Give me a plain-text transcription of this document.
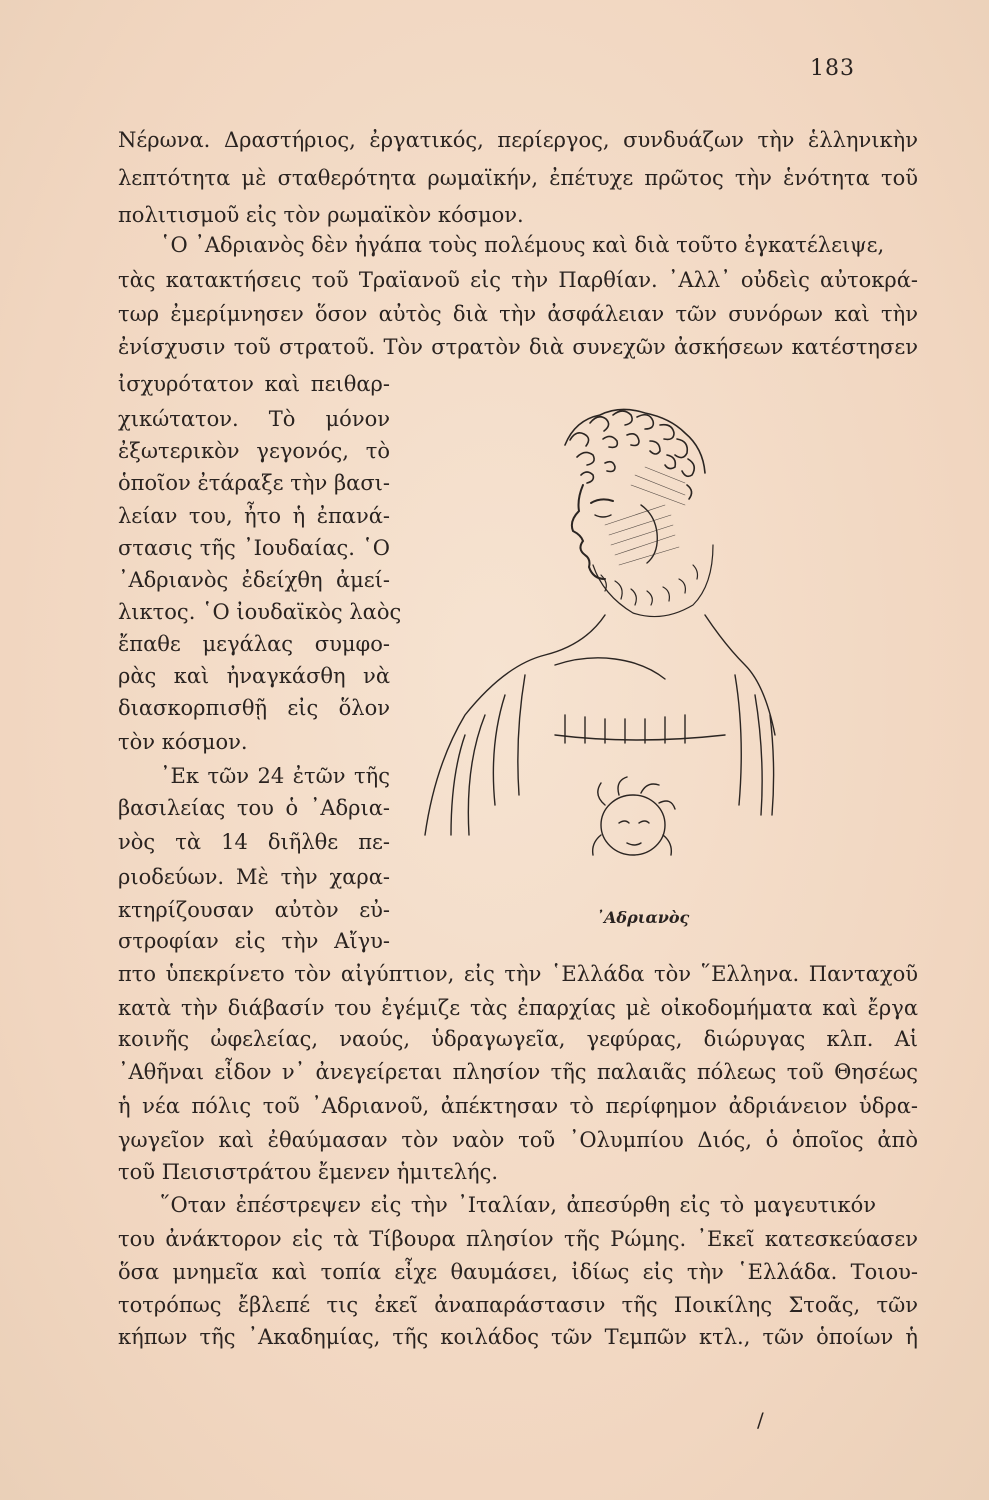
183

Νέρωνα. Δραστήριος, ἐργατικός, περίεργος, συνδυάζων τὴν ἑλληνικὴν

λεπτότητα μὲ σταθερότητα ρωμαϊκήν, ἐπέτυχε πρῶτος τὴν ἑνότητα τοῦ

πολιτισμοῦ εἰς τὸν ρωμαϊκὸν κόσμον.

῾Ο ᾿Αδριανὸς δὲν ἠγάπα τοὺς πολέμους καὶ διὰ τοῦτο ἐγκατέλειψε,

τὰς κατακτήσεις τοῦ Τραϊανοῦ εἰς τὴν Παρθίαν. ᾿Αλλ᾿ οὐδεὶς αὐτοκρά-

τωρ ἐμερίμνησεν ὅσον αὐτὸς διὰ τὴν ἀσφάλειαν τῶν συνόρων καὶ τὴν

ἐνίσχυσιν τοῦ στρατοῦ. Τὸν στρατὸν διὰ συνεχῶν ἀσκήσεων κατέστησεν

ἰσχυρότατον καὶ πειθαρ-

χικώτατον. Τὸ μόνον

ἐξωτερικὸν γεγονός, τὸ

ὁποῖον ἐτάραξε τὴν βασι-

λείαν του, ἦτο ἡ ἐπανά-

στασις τῆς ᾿Ιουδαίας. ῾Ο

᾿Αδριανὸς ἐδείχθη ἀμεί-

λικτος. ῾Ο ἰουδαϊκὸς λαὸς

ἔπαθε μεγάλας συμφο-

ρὰς καὶ ἠναγκάσθη νὰ

διασκορπισθῇ εἰς ὅλον

τὸν κόσμον.

᾿Εκ τῶν 24 ἐτῶν τῆς

βασιλείας του ὁ ᾿Αδρια-

νὸς τὰ 14 διῆλθε πε-

ριοδεύων. Μὲ τὴν χαρα-

κτηρίζουσαν αὐτὸν εὐ-

στροφίαν εἰς τὴν Αἴγυ-

πτο ὑπεκρίνετο τὸν αἰγύπτιον, εἰς τὴν ῾Ελλάδα τὸν ῞Ελληνα. Πανταχοῦ

κατὰ τὴν διάβασίν του ἐγέμιζε τὰς ἐπαρχίας μὲ οἰκοδομήματα καὶ ἔργα

κοινῆς ὠφελείας, ναούς, ὑδραγωγεῖα, γεφύρας, διώρυγας κλπ. Αἱ

᾿Αθῆναι εἶδον ν᾿ ἀνεγείρεται πλησίον τῆς παλαιᾶς πόλεως τοῦ Θησέως

ἡ νέα πόλις τοῦ ᾿Αδριανοῦ, ἀπέκτησαν τὸ περίφημον ἀδριάνειον ὑδρα-

γωγεῖον καὶ ἐθαύμασαν τὸν ναὸν τοῦ ᾿Ολυμπίου Διός, ὁ ὁποῖος ἀπὸ

τοῦ Πεισιστράτου ἔμενεν ἡμιτελής.

῞Οταν ἐπέστρεψεν εἰς τὴν ᾿Ιταλίαν, ἀπεσύρθη εἰς τὸ μαγευτικόν

του ἀνάκτορον εἰς τὰ Τίβουρα πλησίον τῆς Ρώμης. ᾿Εκεῖ κατεσκεύασεν

ὅσα μνημεῖα καὶ τοπία εἶχε θαυμάσει, ἰδίως εἰς τὴν ῾Ελλάδα. Τοιου-

τοτρόπως ἔβλεπέ τις ἐκεῖ ἀναπαράστασιν τῆς Ποικίλης Στοᾶς, τῶν

κήπων τῆς ᾿Ακαδημίας, τῆς κοιλάδος τῶν Τεμπῶν κτλ., τῶν ὁποίων ἡ

᾿Αδριανὸς
/
